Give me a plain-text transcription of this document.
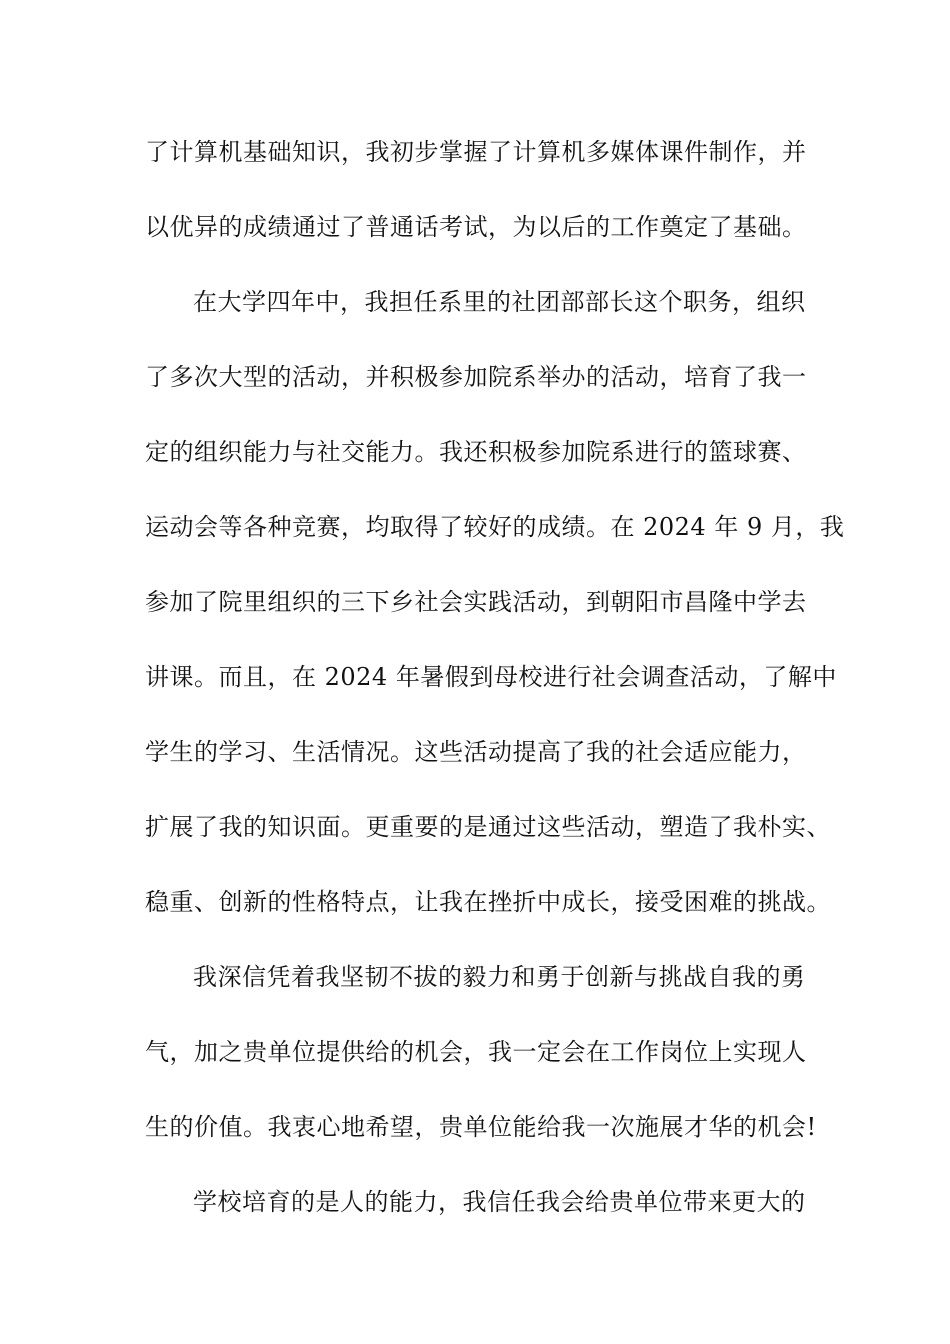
了计算机基础知识，我初步掌握了计算机多媒体课件制作，并
以优异的成绩通过了普通话考试，为以后的工作奠定了基础。
在大学四年中，我担任系里的社团部部长这个职务，组织
了多次大型的活动，并积极参加院系举办的活动，培育了我一
定的组织能力与社交能力。我还积极参加院系进行的篮球赛、
运动会等各种竞赛，均取得了较好的成绩。在 2024 年 9 月，我
参加了院里组织的三下乡社会实践活动，到朝阳市昌隆中学去
讲课。而且，在 2024 年暑假到母校进行社会调查活动，了解中
学生的学习、生活情况。这些活动提高了我的社会适应能力，
扩展了我的知识面。更重要的是通过这些活动，塑造了我朴实、
稳重、创新的性格特点，让我在挫折中成长，接受困难的挑战。
我深信凭着我坚韧不拔的毅力和勇于创新与挑战自我的勇
气，加之贵单位提供给的机会，我一定会在工作岗位上实现人
生的价值。我衷心地希望，贵单位能给我一次施展才华的机会!
学校培育的是人的能力，我信任我会给贵单位带来更大的
